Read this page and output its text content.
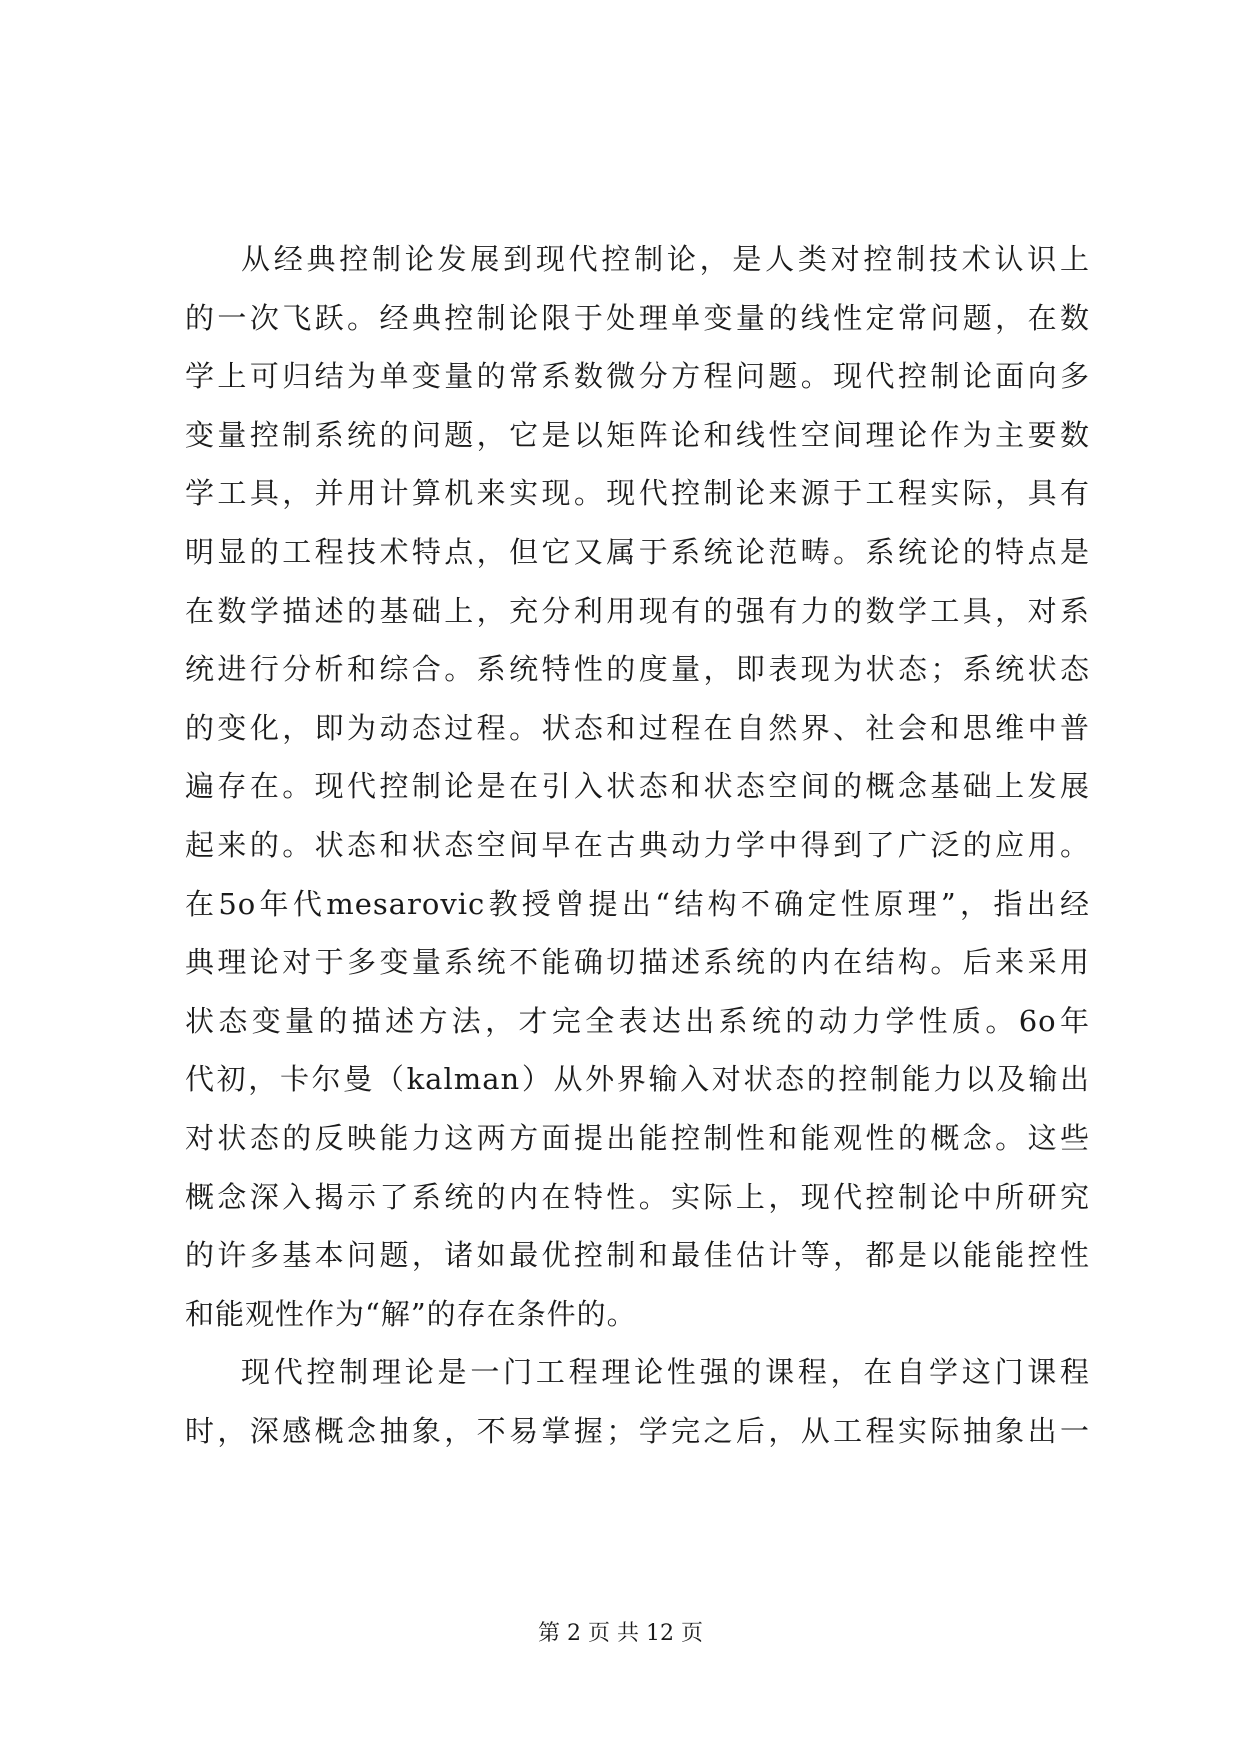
从经典控制论发展到现代控制论，是人类对控制技术认识上
的一次飞跃。经典控制论限于处理单变量的线性定常问题，在数
学上可归结为单变量的常系数微分方程问题。现代控制论面向多
变量控制系统的问题，它是以矩阵论和线性空间理论作为主要数
学工具，并用计算机来实现。现代控制论来源于工程实际，具有
明显的工程技术特点，但它又属于系统论范畴。系统论的特点是
在数学描述的基础上，充分利用现有的强有力的数学工具，对系
统进行分析和综合。系统特性的度量，即表现为状态；系统状态
的变化，即为动态过程。状态和过程在自然界、社会和思维中普
遍存在。现代控制论是在引入状态和状态空间的概念基础上发展
起来的。状态和状态空间早在古典动力学中得到了广泛的应用。
在5o年代mesarovic教授曾提出“结构不确定性原理”，指出经
典理论对于多变量系统不能确切描述系统的内在结构。后来采用
状态变量的描述方法，才完全表达出系统的动力学性质。6o年
代初，卡尔曼（kalman）从外界输入对状态的控制能力以及输出
对状态的反映能力这两方面提出能控制性和能观性的概念。这些
概念深入揭示了系统的内在特性。实际上，现代控制论中所研究
的许多基本问题，诸如最优控制和最佳估计等，都是以能能控性
和能观性作为“解”的存在条件的。
现代控制理论是一门工程理论性强的课程，在自学这门课程
时，深感概念抽象，不易掌握；学完之后，从工程实际抽象出一
第 2 页 共 12 页
